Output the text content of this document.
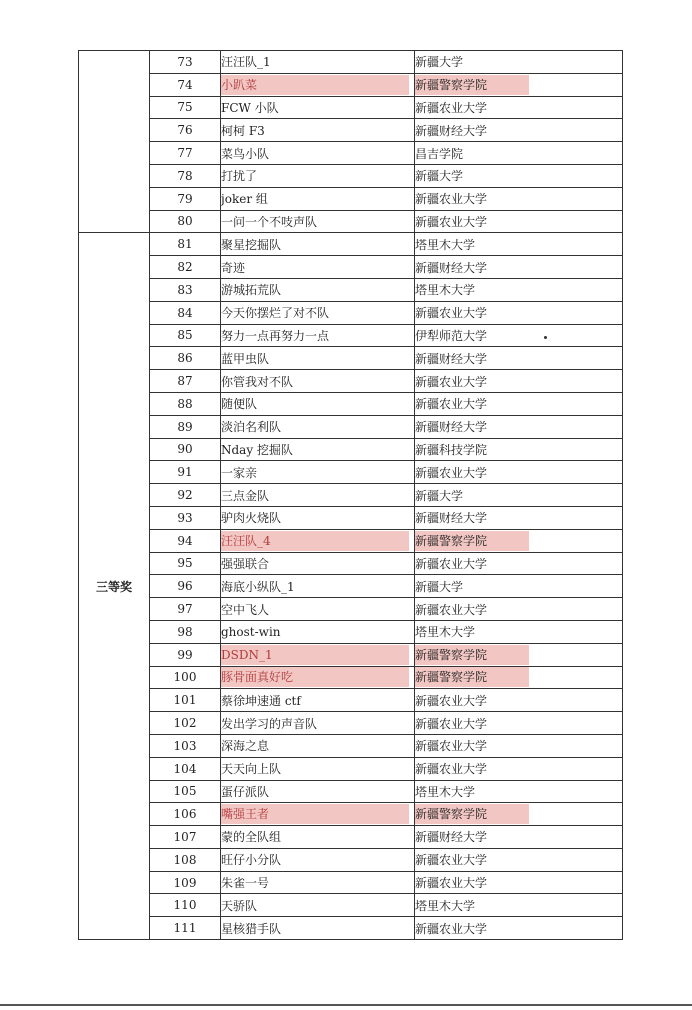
	73	汪汪队_1	新疆大学
	74	小趴菜	新疆警察学院
	75	FCW 小队	新疆农业大学
	76	柯柯 F3	新疆财经大学
	77	菜鸟小队	昌吉学院
	78	打扰了	新疆大学
	79	joker 组	新疆农业大学
	80	一问一个不吱声队	新疆农业大学
三等奖	81	聚星挖掘队	塔里木大学
	82	奇迹	新疆财经大学
	83	游城拓荒队	塔里木大学
	84	今天你摆烂了对不队	新疆农业大学
	85	努力一点再努力一点	伊犁师范大学
	86	蓝甲虫队	新疆财经大学
	87	你管我对不队	新疆农业大学
	88	随便队	新疆农业大学
	89	淡泊名利队	新疆财经大学
	90	Nday 挖掘队	新疆科技学院
	91	一家亲	新疆农业大学
	92	三点金队	新疆大学
	93	驴肉火烧队	新疆财经大学
	94	汪汪队_4	新疆警察学院
	95	强强联合	新疆农业大学
	96	海底小纵队_1	新疆大学
	97	空中飞人	新疆农业大学
	98	ghost-win	塔里木大学
	99	DSDN_1	新疆警察学院
	100	豚骨面真好吃	新疆警察学院
	101	蔡徐坤速通 ctf	新疆农业大学
	102	发出学习的声音队	新疆农业大学
	103	深海之息	新疆农业大学
	104	天天向上队	新疆农业大学
	105	蛋仔派队	塔里木大学
	106	嘴强王者	新疆警察学院
	107	蒙的全队组	新疆财经大学
	108	旺仔小分队	新疆农业大学
	109	朱雀一号	新疆农业大学
	110	天骄队	塔里木大学
	111	星核猎手队	新疆农业大学
